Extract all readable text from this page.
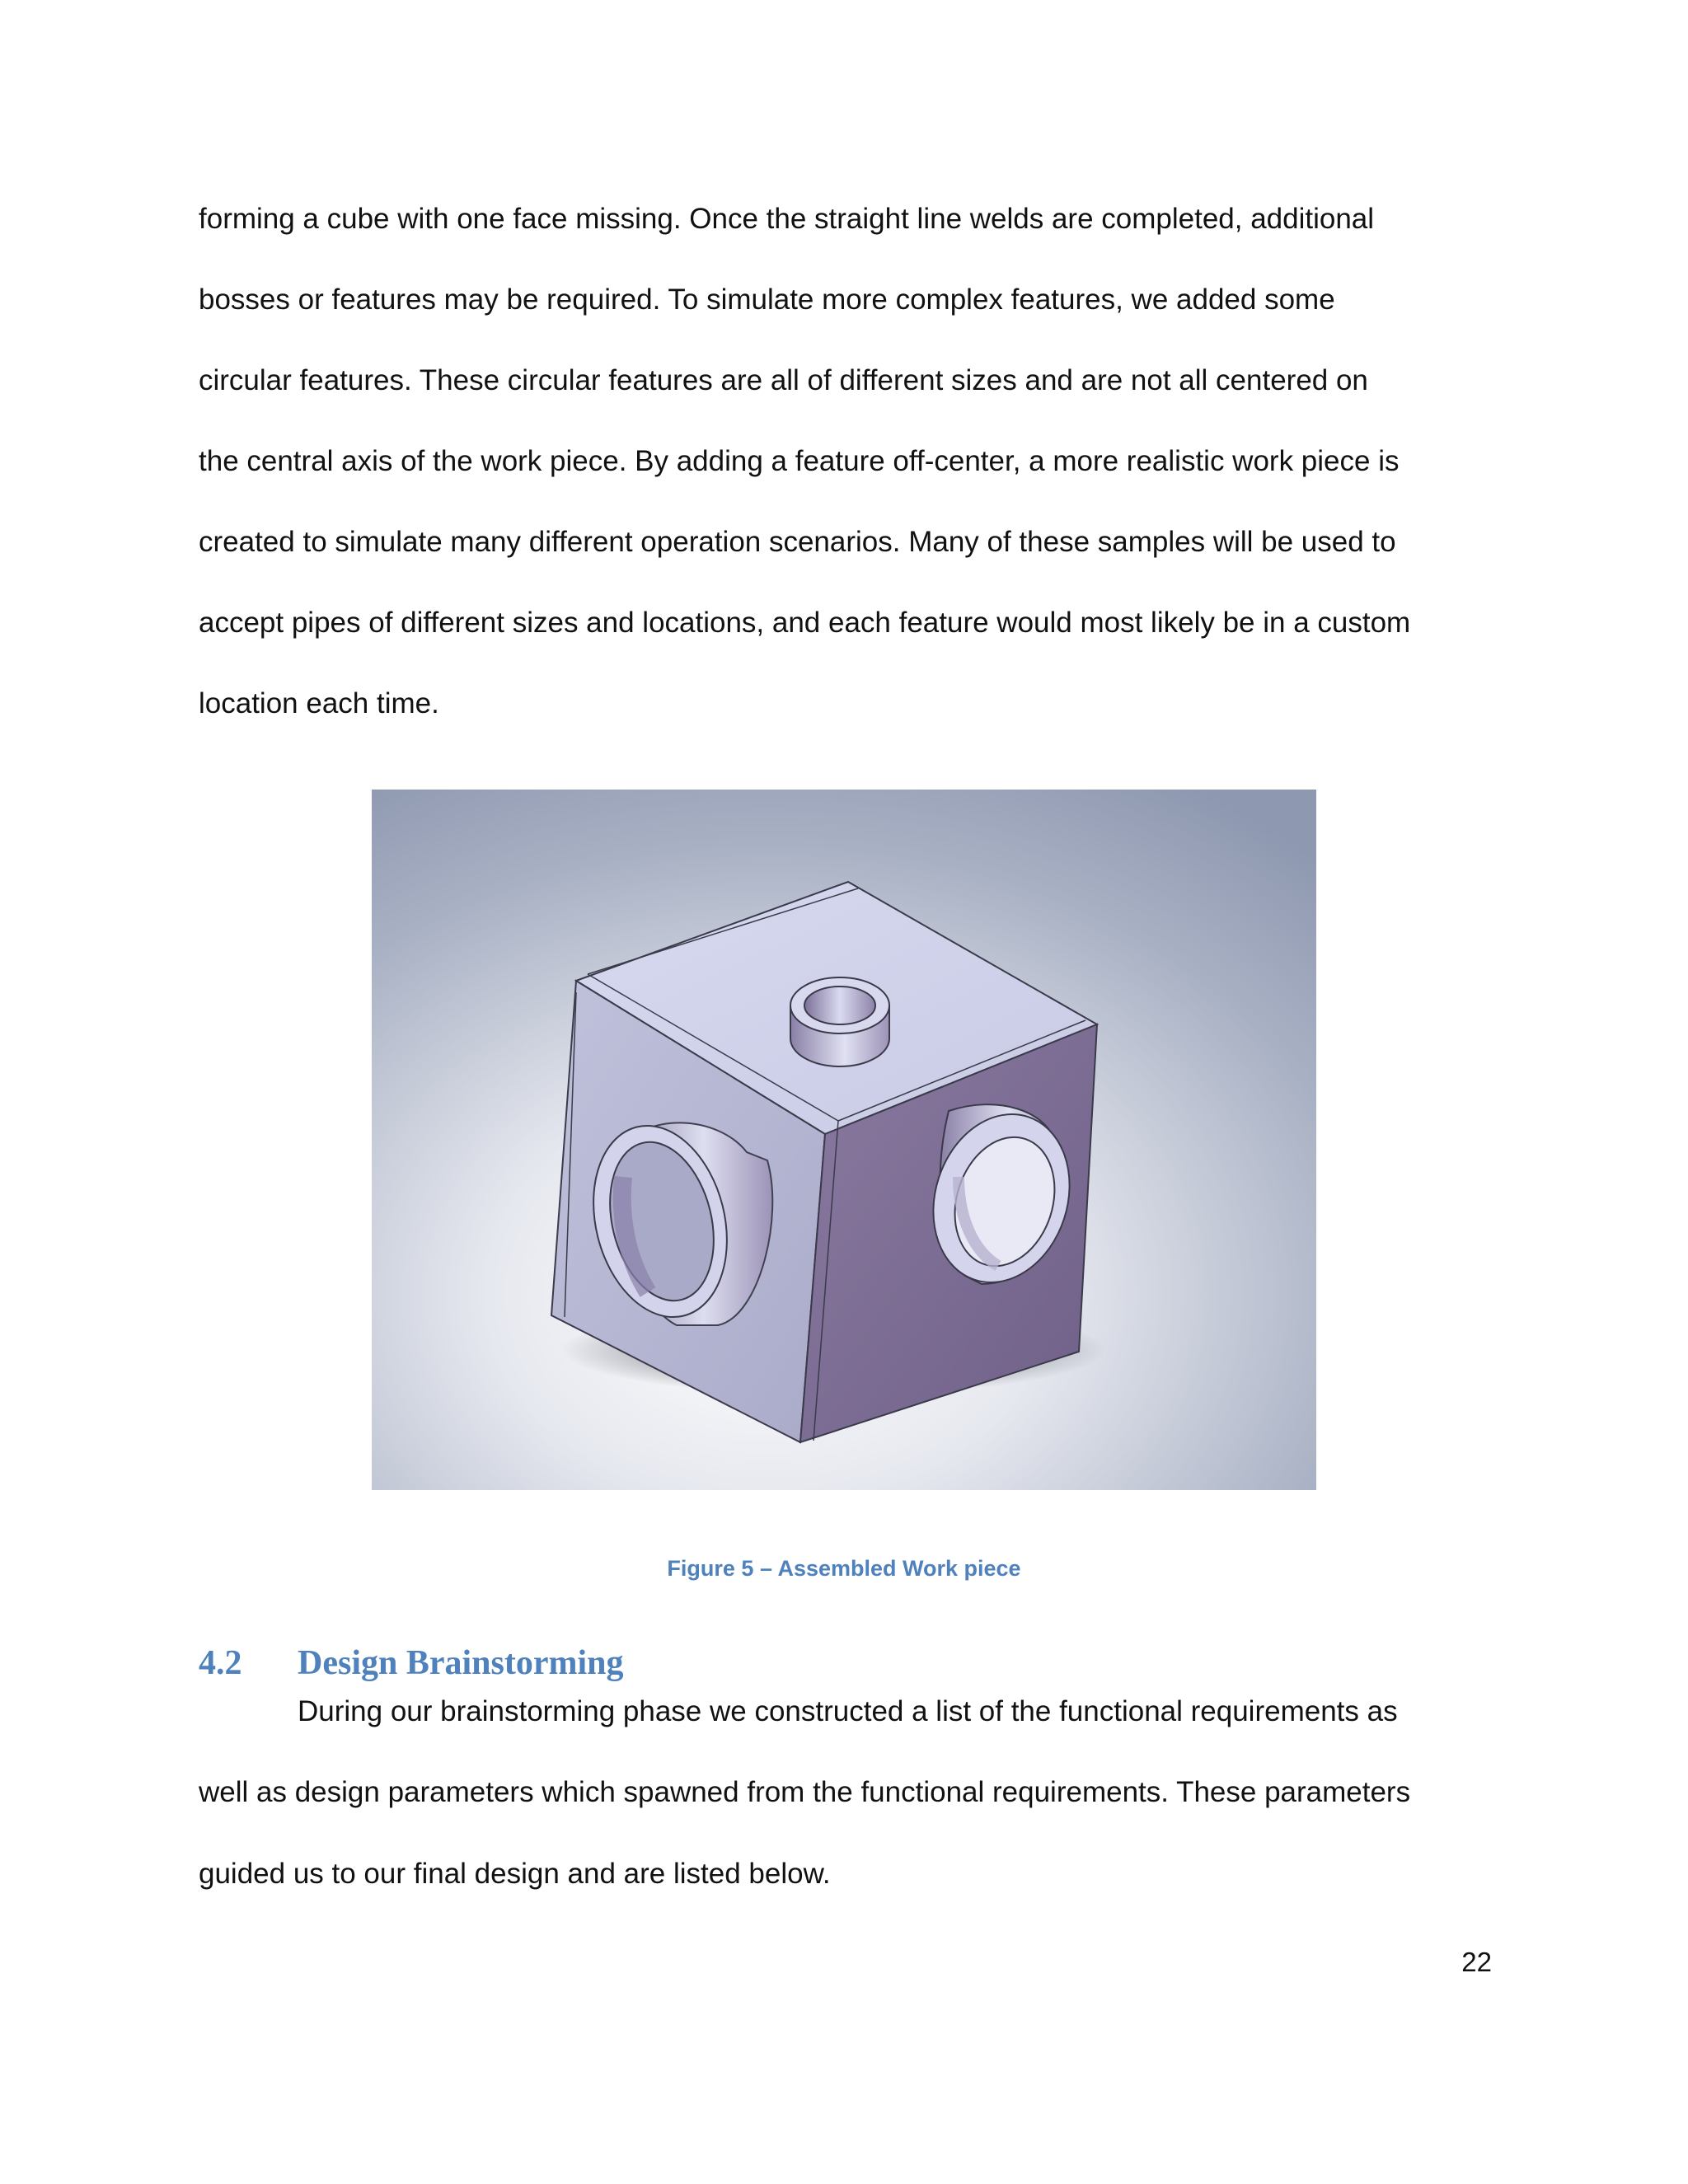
forming a cube with one face missing. Once the straight line welds are completed, additional
bosses or features may be required. To simulate more complex features, we added some
circular features. These circular features are all of different sizes and are not all centered on
the central axis of the work piece. By adding a feature off-center, a more realistic work piece is
created to simulate many different operation scenarios. Many of these samples will be used to
accept pipes of different sizes and locations, and each feature would most likely be in a custom
location each time.
Figure 5 – Assembled Work piece
4.2 Design Brainstorming
During our brainstorming phase we constructed a list of the functional requirements as
well as design parameters which spawned from the functional requirements. These parameters
guided us to our final design and are listed below.
22
